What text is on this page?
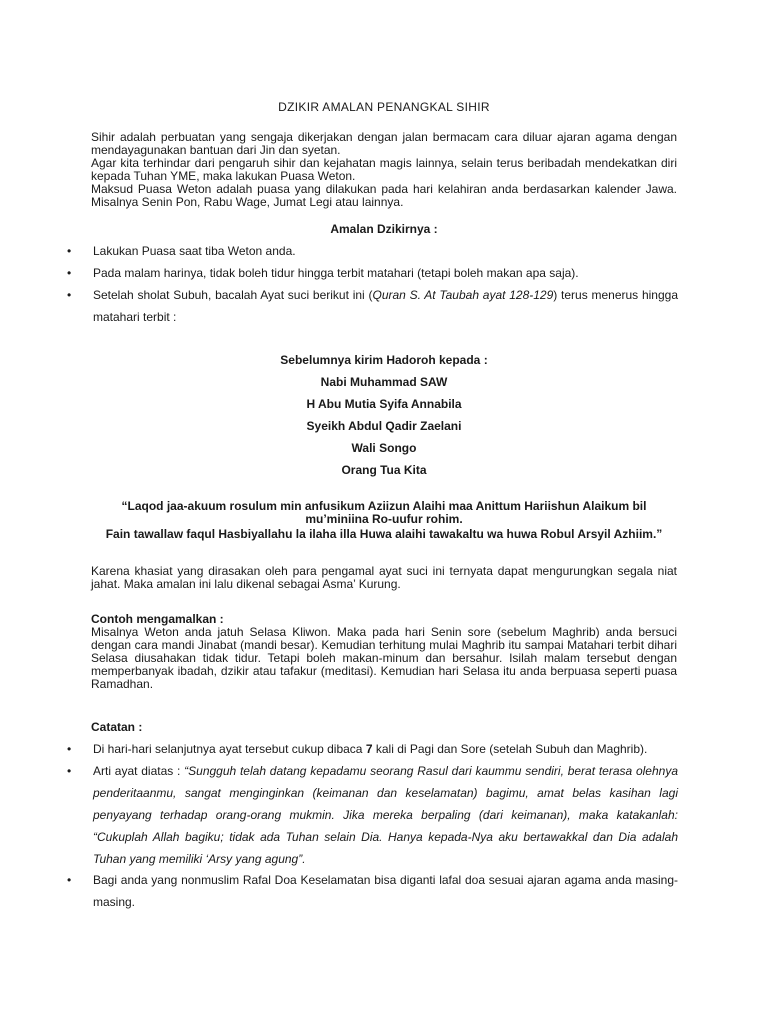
DZIKIR AMALAN PENANGKAL SIHIR

Sihir adalah perbuatan yang sengaja dikerjakan dengan jalan bermacam cara diluar ajaran agama dengan mendayagunakan bantuan dari Jin dan syetan.

Agar kita terhindar dari pengaruh sihir dan kejahatan magis lainnya, selain terus beribadah mendekatkan diri kepada Tuhan YME, maka lakukan Puasa Weton.

Maksud Puasa Weton adalah puasa yang dilakukan pada hari kelahiran anda berdasarkan kalender Jawa. Misalnya Senin Pon, Rabu Wage, Jumat Legi atau lainnya.

Amalan Dzikirnya :
•	Lakukan Puasa saat tiba Weton anda.
•	Pada malam harinya, tidak boleh tidur hingga terbit matahari (tetapi boleh makan apa saja).
•	Setelah sholat Subuh, bacalah Ayat suci berikut ini (Quran S. At Taubah ayat 128-129) terus menerus hingga matahari terbit :
Sebelumnya kirim Hadoroh kepada :
Nabi Muhammad SAW
H Abu Mutia Syifa Annabila
Syeikh Abdul Qadir Zaelani
Wali Songo
Orang Tua Kita
“Laqod jaa-akuum rosulum min anfusikum Aziizun Alaihi maa Anittum Hariishun Alaikum bil mu’miniina Ro-uufur rohim.
Fain tawallaw faqul Hasbiyallahu la ilaha illa Huwa alaihi tawakaltu wa huwa Robul Arsyil Azhiim.”

Karena khasiat yang dirasakan oleh para pengamal ayat suci ini ternyata dapat mengurungkan segala niat jahat. Maka amalan ini lalu dikenal sebagai Asma’ Kurung.

Contoh mengamalkan :

Misalnya Weton anda jatuh Selasa Kliwon. Maka pada hari Senin sore (sebelum Maghrib) anda bersuci dengan cara mandi Jinabat (mandi besar). Kemudian terhitung mulai Maghrib itu sampai Matahari terbit dihari Selasa diusahakan tidak tidur. Tetapi boleh makan-minum dan bersahur. Isilah malam tersebut dengan memperbanyak ibadah, dzikir atau tafakur (meditasi). Kemudian hari Selasa itu anda berpuasa seperti puasa Ramadhan.

Catatan :
•	Di hari-hari selanjutnya ayat tersebut cukup dibaca 7 kali di Pagi dan Sore (setelah Subuh dan Maghrib).
•	Arti ayat diatas : “Sungguh telah datang kepadamu seorang Rasul dari kaummu sendiri, berat terasa olehnya penderitaanmu, sangat menginginkan (keimanan dan keselamatan) bagimu, amat belas kasihan lagi penyayang terhadap orang-orang mukmin. Jika mereka berpaling (dari keimanan), maka katakanlah: “Cukuplah Allah bagiku; tidak ada Tuhan selain Dia. Hanya kepada-Nya aku bertawakkal dan Dia adalah Tuhan yang memiliki ‘Arsy yang agung”.
•	Bagi anda yang nonmuslim Rafal Doa Keselamatan bisa diganti lafal doa sesuai ajaran agama anda masing-masing.
